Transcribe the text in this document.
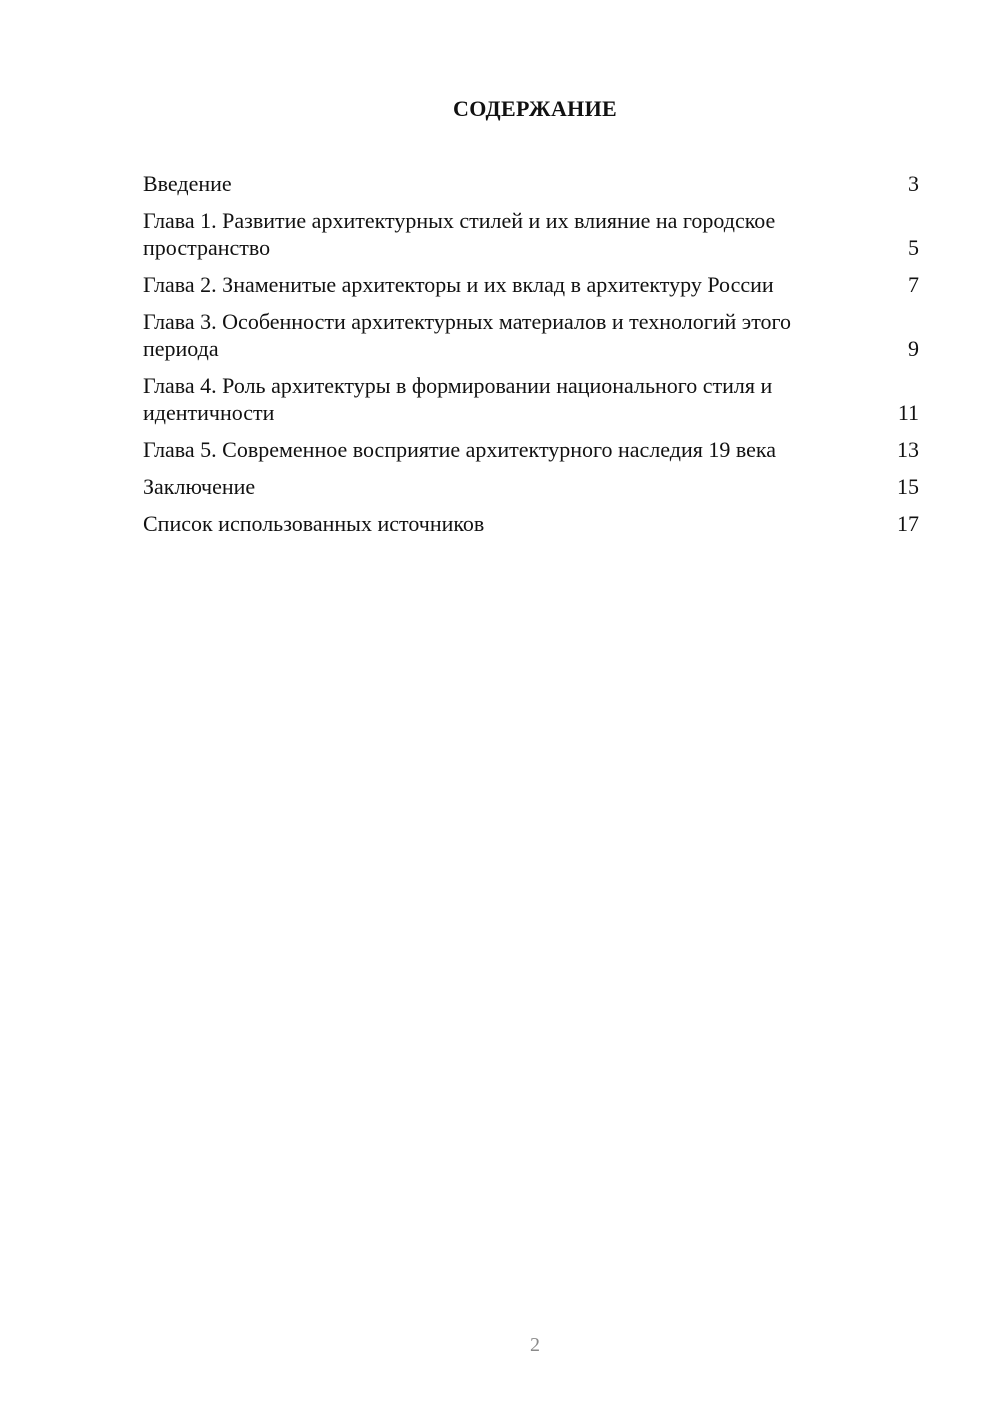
СОДЕРЖАНИЕ
Введение	3
Глава 1. Развитие архитектурных стилей и их влияние на городское пространство	5
Глава 2. Знаменитые архитекторы и их вклад в архитектуру России	7
Глава 3. Особенности архитектурных материалов и технологий этого периода	9
Глава 4. Роль архитектуры в формировании национального стиля и идентичности	11
Глава 5. Современное восприятие архитектурного наследия 19 века	13
Заключение	15
Список использованных источников	17
2
